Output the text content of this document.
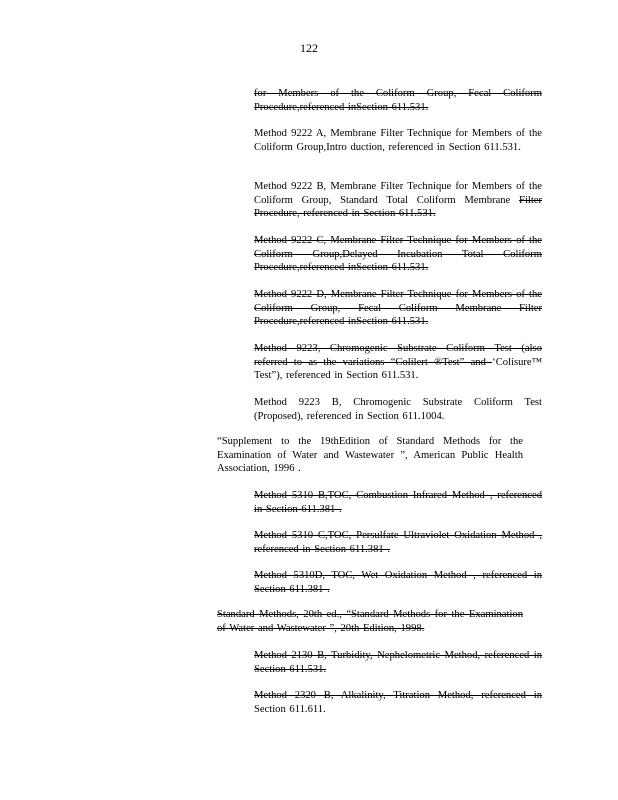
122
for Members of the Coliform Group, Fecal Coliform Procedure,referenced inSection 611.531.
Method 9222 A, Membrane Filter Technique for Members of the Coliform Group,Intro duction, referenced in Section 611.531.
Method 9222 B, Membrane Filter Technique for Members of the Coliform Group, Standard Total Coliform Membrane Filter Procedure, referenced in Section 611.531.
Method 9222 C, Membrane Filter Technique for Members of the Coliform Group,Delayed Incubation Total Coliform Procedure,referenced inSection 611.531.
Method 9222 D, Membrane Filter Technique for Members of the Coliform Group, Fecal Coliform Membrane Filter Procedure,referenced inSection 611.531.
Method 9223, Chromogenic Substrate Coliform Test (also referred to as the variations “Colilert ®Test” and ‘Colisure™ Test”), referenced in Section 611.531.
Method 9223 B, Chromogenic Substrate Coliform Test (Proposed), referenced in Section 611.1004.
“Supplement to the 19thEdition of Standard Methods for the Examination of Water and Wastewater ”, American Public Health Association, 1996 .
Method 5310 B,TOC, Combustion Infrared Method , referenced in Section 611.381 .
Method 5310 C,TOC, Persulfate Ultraviolet Oxidation Method , referenced in Section 611.381 .
Method 5310D, TOC, Wet Oxidation Method , referenced in Section 611.381 .
Standard Methods, 20th ed., “Standard Methods for the Examination of Water and Wastewater ”, 20th Edition, 1998.
Method 2130 B, Turbidity, Nephelometric Method, referenced in Section 611.531.
Method 2320 B, Alkalinity, Titration Method, referenced in Section 611.611.
